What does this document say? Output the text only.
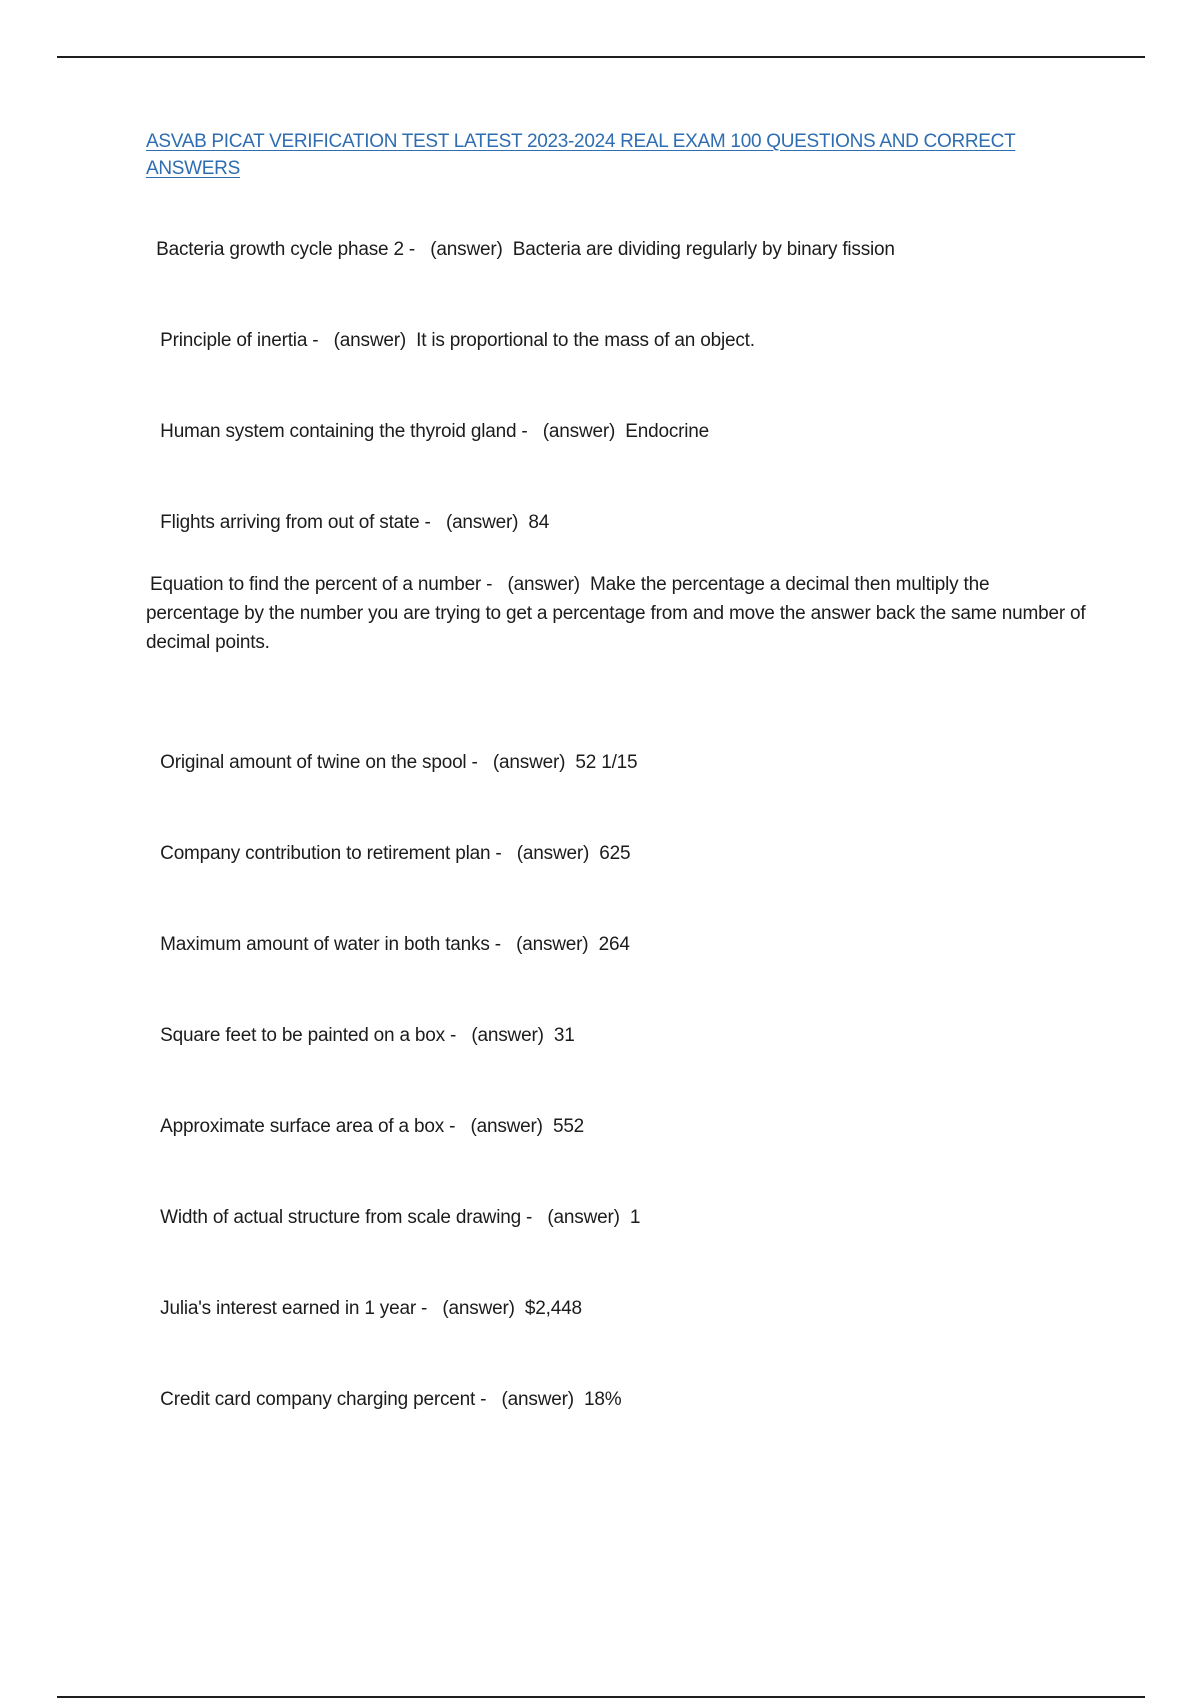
ASVAB PICAT VERIFICATION TEST LATEST 2023-2024 REAL EXAM 100 QUESTIONS AND CORRECT ANSWERS

Bacteria growth cycle phase 2 - (answer) Bacteria are dividing regularly by binary fission

Principle of inertia - (answer) It is proportional to the mass of an object.

Human system containing the thyroid gland - (answer) Endocrine

Flights arriving from out of state - (answer) 84

Equation to find the percent of a number - (answer) Make the percentage a decimal then multiply the percentage by the number you are trying to get a percentage from and move the answer back the same number of decimal points.

Original amount of twine on the spool - (answer) 52 1/15

Company contribution to retirement plan - (answer) 625

Maximum amount of water in both tanks - (answer) 264

Square feet to be painted on a box - (answer) 31

Approximate surface area of a box - (answer) 552

Width of actual structure from scale drawing - (answer) 1

Julia's interest earned in 1 year - (answer) $2,448

Credit card company charging percent - (answer) 18%
